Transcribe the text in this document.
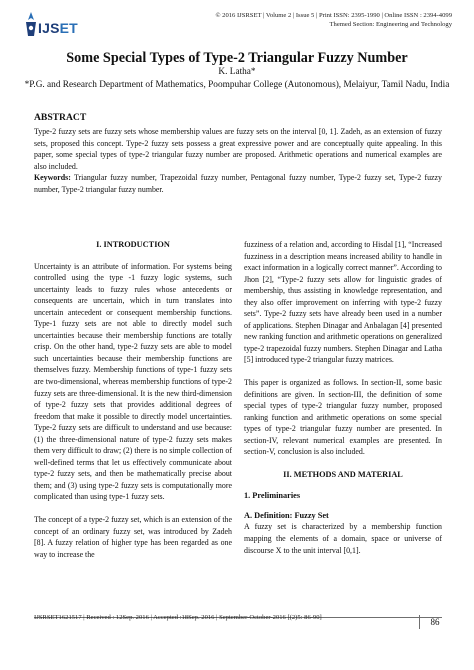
IJSET
© 2016 IJSRSET | Volume 2 | Issue 5 | Print ISSN: 2395-1990 | Online ISSN : 2394-4099
Themed Section: Engineering and Technology
Some Special Types of Type-2 Triangular Fuzzy Number
K. Latha*
*P.G. and Research Department of Mathematics, Poompuhar College (Autonomous), Melaiyur, Tamil Nadu, India
ABSTRACT
Type-2 fuzzy sets are fuzzy sets whose membership values are fuzzy sets on the interval [0, 1]. Zadeh, as an extension of fuzzy sets, proposed this concept. Type-2 fuzzy sets possess a great expressive power and are conceptually quite appealing. In this paper, some special types of type-2 triangular fuzzy number are proposed. Arithmetic operations and numerical examples are also included.
Keywords: Triangular fuzzy number, Trapezoidal fuzzy number, Pentagonal fuzzy number, Type-2 fuzzy set, Type-2 fuzzy number, Type-2 triangular fuzzy number.
I. INTRODUCTION

Uncertainty is an attribute of information. For systems being controlled using the type -1 fuzzy logic systems, such uncertainty leads to fuzzy rules whose antecedents or consequents are uncertain, which in turn translates into uncertain antecedent or consequent membership functions. Type-1 fuzzy sets are not able to directly model such uncertainties because their membership functions are totally crisp. On the other hand, type-2 fuzzy sets are able to model such uncertainties because their membership functions are themselves fuzzy. Membership functions of type-1 fuzzy sets are two-dimensional, whereas membership functions of type-2 fuzzy sets are three-dimensional. It is the new third-dimension of type-2 fuzzy sets that provides additional degrees of freedom that make it possible to directly model uncertainties. Type-2 fuzzy sets are difficult to understand and use because: (1) the three-dimensional nature of type-2 fuzzy sets makes them very difficult to draw; (2) there is no simple collection of well-defined terms that let us effectively communicate about type-2 fuzzy sets, and then be mathematically precise about them; and (3) using type-2 fuzzy sets is computationally more complicated than using type-1 fuzzy sets.

The concept of a type-2 fuzzy set, which is an extension of the concept of an ordinary fuzzy set, was introduced by Zadeh [8]. A fuzzy relation of higher type has been regarded as one way to increase the

fuzziness of a relation and, according to Hisdal [1], “Increased fuzziness in a description means increased ability to handle in exact information in a logically correct manner”. According to Jhon [2], “Type-2 fuzzy sets allow for linguistic grades of membership, thus assisting in knowledge representation, and they also offer improvement on inferring with type-2 fuzzy sets”. Type-2 fuzzy sets have already been used in a number of applications. Stephen Dinagar and Anbalagan [4] presented new ranking function and arithmetic operations on generalized type-2 trapezoidal fuzzy numbers. Stephen Dinagar and Latha [5] introduced type-2 triangular fuzzy matrices.

This paper is organized as follows. In section-II, some basic definitions are given. In section-III, the definition of some special types of type-2 triangular fuzzy number, proposed ranking function and arithmetic operations on some special types of type-2 triangular fuzzy number are presented. In section-IV, relevant numerical examples are presented. In section-V, conclusion is also included.

II. METHODS AND MATERIAL
1. Preliminaries
A. Definition: Fuzzy Set

A fuzzy set is characterized by a membership function mapping the elements of a domain, space or universe of discourse X to the unit interval [0,1].

IJSRSET1621517 | Received : 12Sep. 2016 | Accepted :18Sep. 2016 | September-October-2016 [(2)5: 86-90]	86
